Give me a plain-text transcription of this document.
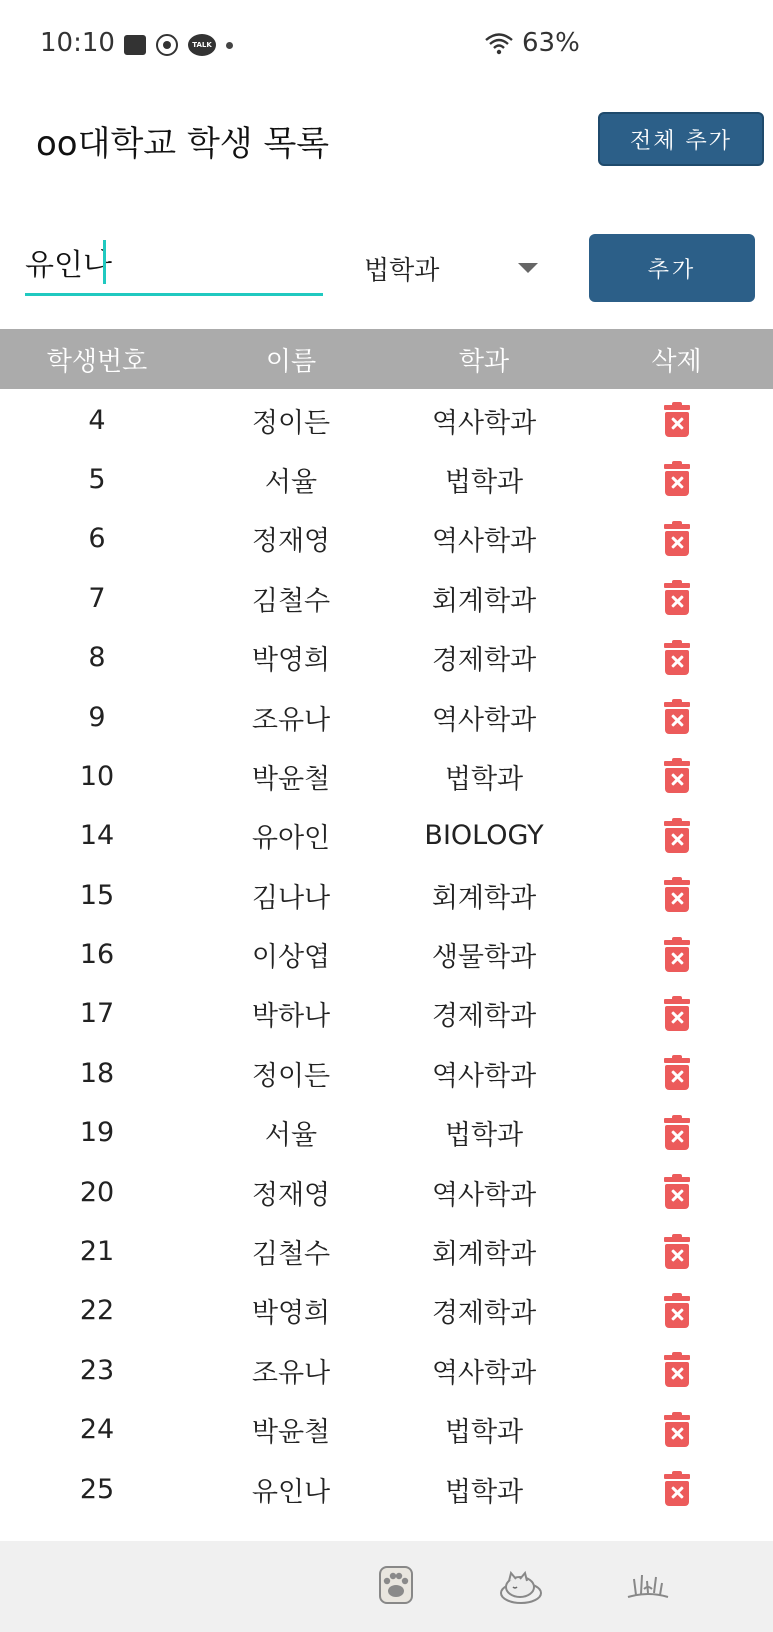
10:10	TALK	63%
oo대학교 학생 목록	전체 추가
유인나
법학과	추가
학생번호	이름	학과	삭제
4	정이든	역사학과
5	서율	법학과
6	정재영	역사학과
7	김철수	회계학과
8	박영희	경제학과
9	조유나	역사학과
10	박윤철	법학과
14	유아인	BIOLOGY
15	김나나	회계학과
16	이상엽	생물학과
17	박하나	경제학과
18	정이든	역사학과
19	서율	법학과
20	정재영	역사학과
21	김철수	회계학과
22	박영희	경제학과
23	조유나	역사학과
24	박윤철	법학과
25	유인나	법학과
